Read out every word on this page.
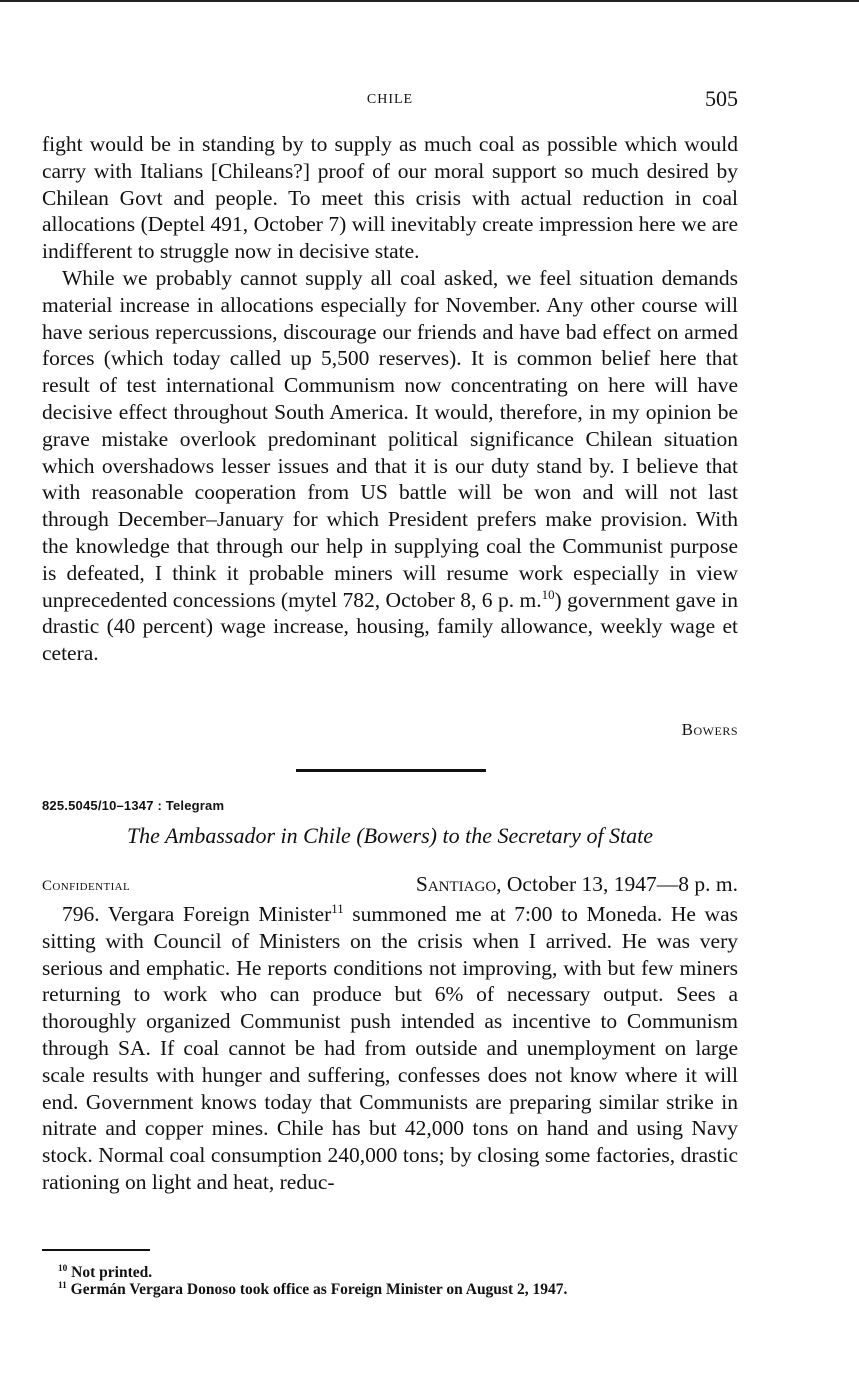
CHILE	505

fight would be in standing by to supply as much coal as possible which would carry with Italians [Chileans?] proof of our moral support so much desired by Chilean Govt and people. To meet this crisis with actual reduction in coal allocations (Deptel 491, October 7) will inevitably create impression here we are indifferent to struggle now in decisive state.

While we probably cannot supply all coal asked, we feel situation demands material increase in allocations especially for November. Any other course will have serious repercussions, discourage our friends and have bad effect on armed forces (which today called up 5,500 reserves). It is common belief here that result of test international Communism now concentrating on here will have decisive effect throughout South America. It would, therefore, in my opinion be grave mistake overlook predominant political significance Chilean situation which overshadows lesser issues and that it is our duty stand by. I believe that with reasonable cooperation from US battle will be won and will not last through December–January for which President prefers make provision. With the knowledge that through our help in supplying coal the Communist purpose is defeated, I think it probable miners will resume work especially in view unprecedented concessions (mytel 782, October 8, 6 p. m.$^{10}$) government gave in drastic (40 percent) wage increase, housing, family allowance, weekly wage et cetera.

Bowers
825.5045/10–1347 : Telegram
The Ambassador in Chile (Bowers) to the Secretary of State
Confidential	Santiago, October 13, 1947—8 p. m.

796. Vergara Foreign Minister$^{11}$ summoned me at 7:00 to Moneda. He was sitting with Council of Ministers on the crisis when I arrived. He was very serious and emphatic. He reports conditions not improving, with but few miners returning to work who can produce but 6% of necessary output. Sees a thoroughly organized Communist push intended as incentive to Communism through SA. If coal cannot be had from outside and unemployment on large scale results with hunger and suffering, confesses does not know where it will end. Government knows today that Communists are preparing similar strike in nitrate and copper mines. Chile has but 42,000 tons on hand and using Navy stock. Normal coal consumption 240,000 tons; by closing some factories, drastic rationing on light and heat, reduc-

$^{10}$ Not printed.
$^{11}$ Germán Vergara Donoso took office as Foreign Minister on August 2, 1947.
